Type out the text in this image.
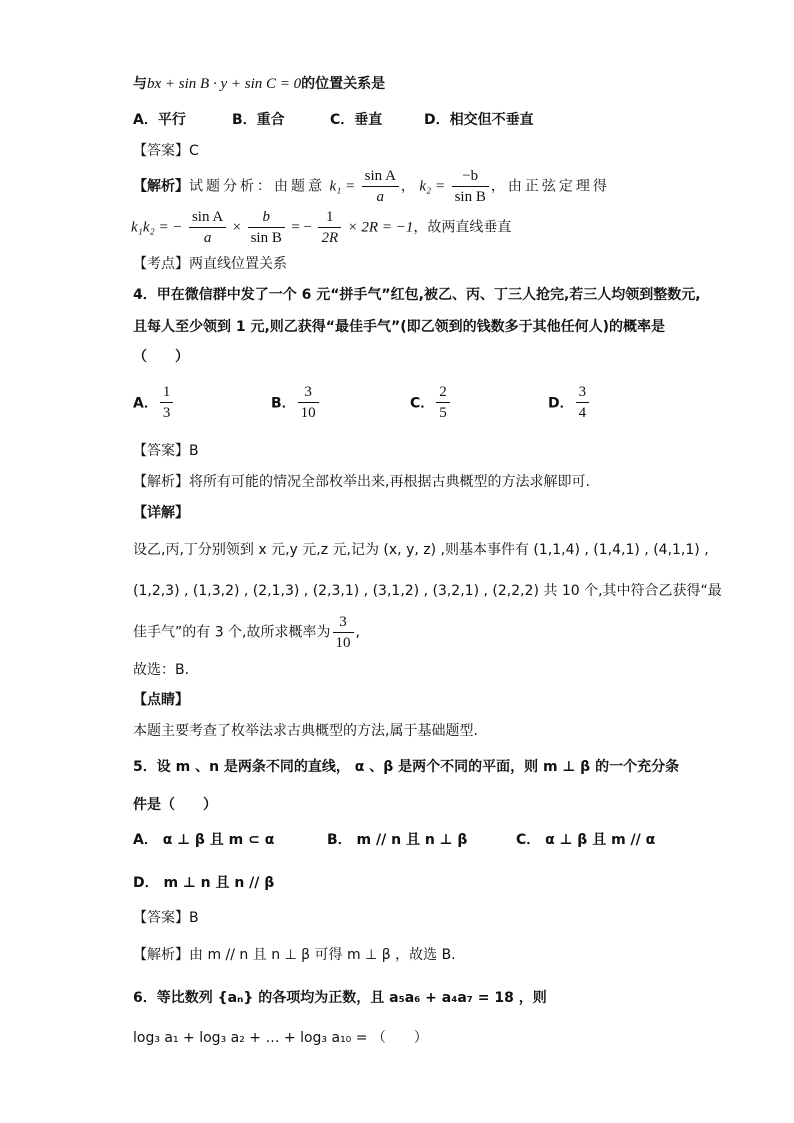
与bx + sin B · y + sin C = 0的位置关系是
A．平行	B．重合	C．垂直	D．相交但不垂直
【答案】C
【解析】试题分析：由题意 $k_1 = \frac{\text{sin A}}{a}$ ， $k_2 = \frac{-b}{\text{sin B}}$ ，由正弦定理得
k₁k₂ = − $\frac{\text{sin A}}{a} \times \frac{b}{\text{sin B}}$ = − $\frac{1}{2R} \times 2R = -1$，故两直线垂直
【考点】两直线位置关系
4．甲在微信群中发了一个 6 元“拼手气”红包,被乙、丙、丁三人抢完,若三人均领到整数元,
且每人至少领到 1 元,则乙获得“最佳手气”(即乙领到的钱数多于其他任何人)的概率是
（　　）
A． $\frac{1}{3}$	B． $\frac{3}{10}$	C． $\frac{2}{5}$	D． $\frac{3}{4}$
【答案】B
【解析】将所有可能的情况全部枚举出来,再根据古典概型的方法求解即可.
【详解】
设乙,丙,丁分别领到 x 元,y 元,z 元,记为 (x, y, z) ,则基本事件有 (1,1,4) , (1,4,1) , (4,1,1) ,
(1,2,3) , (1,3,2) , (2,1,3) , (2,3,1) , (3,1,2) , (3,2,1) , (2,2,2) 共 10 个,其中符合乙获得“最
佳手气”的有 3 个,故所求概率为 $\frac{3}{10}$ ,
故选：B.
【点睛】
本题主要考查了枚举法求古典概型的方法,属于基础题型.
5．设 m 、n 是两条不同的直线， α 、β 是两个不同的平面，则 m ⊥ β 的一个充分条
件是（　　）
A． α ⊥ β 且 m ⊂ α	B． m // n 且 n ⊥ β	C． α ⊥ β 且 m // α
D． m ⊥ n 且 n // β
【答案】B
【解析】由 m // n 且 n ⊥ β 可得 m ⊥ β ，故选 B.
6．等比数列 {aₙ} 的各项均为正数，且 a₅a₆ + a₄a₇ = 18 ，则
log₃ a₁ + log₃ a₂ + … + log₃ a₁₀ = （　　）
